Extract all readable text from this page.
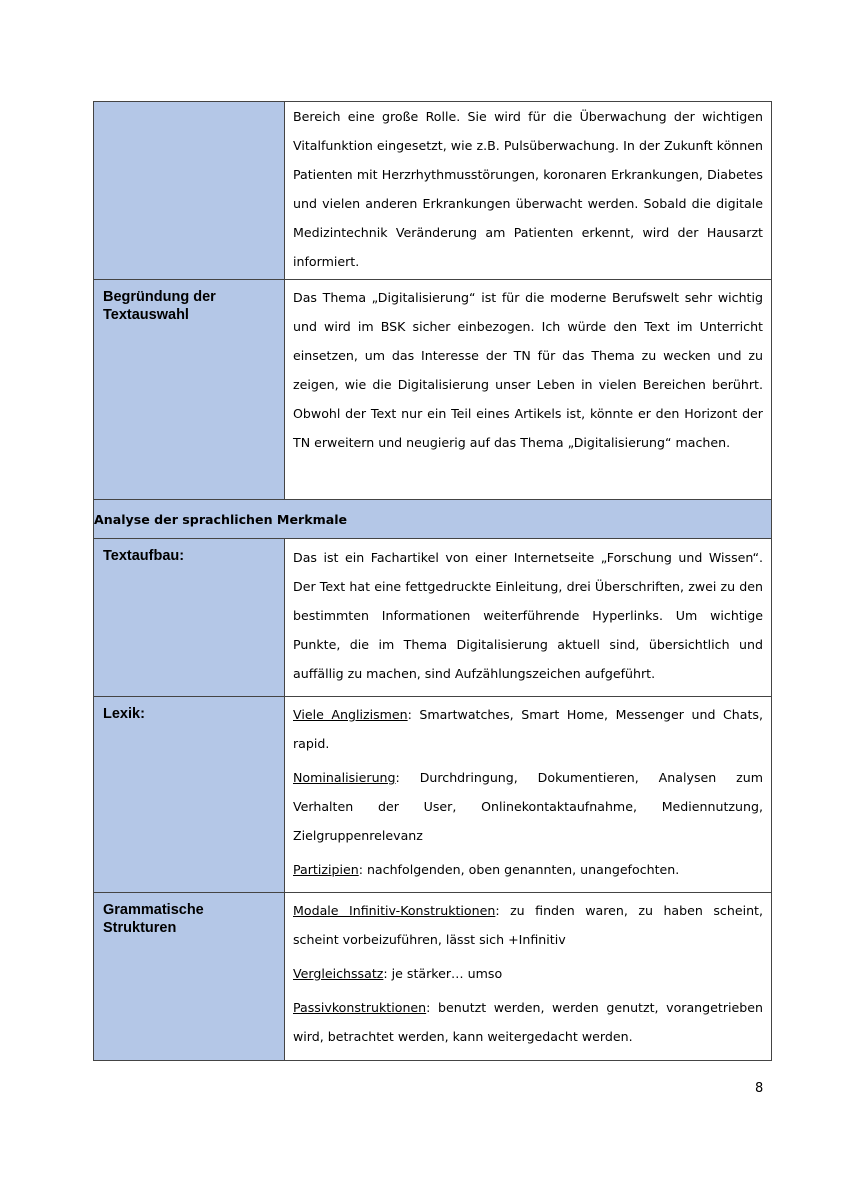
	Bereich eine große Rolle. Sie wird für die Überwachung der wichtigen Vitalfunktion eingesetzt, wie z.B. Pulsüberwachung. In der Zukunft können Patienten mit Herzrhythmusstörungen, koronaren Erkrankungen, Diabetes und vielen anderen Erkrankungen überwacht werden. Sobald die digitale Medizintechnik Veränderung am Patienten erkennt, wird der Hausarzt informiert.

Begründung der Textauswahl	Das Thema „Digitalisierung“ ist für die moderne Berufswelt sehr wichtig und wird im BSK sicher einbezogen. Ich würde den Text im Unterricht einsetzen, um das Interesse der TN für das Thema zu wecken und zu zeigen, wie die Digitalisierung unser Leben in vielen Bereichen berührt. Obwohl der Text nur ein Teil eines Artikels ist, könnte er den Horizont der TN erweitern und neugierig auf das Thema „Digitalisierung“ machen.

Analyse der sprachlichen Merkmale	

Textaufbau:	Das ist ein Fachartikel von einer Internetseite „Forschung und Wissen“. Der Text hat eine fettgedruckte Einleitung, drei Überschriften, zwei zu den bestimmten Informationen weiterführende Hyperlinks. Um wichtige Punkte, die im Thema Digitalisierung aktuell sind, übersichtlich und auffällig zu machen, sind Aufzählungszeichen aufgeführt.

Lexik:	Viele Anglizismen: Smartwatches, Smart Home, Messenger und Chats, rapid.

Nominalisierung: Durchdringung, Dokumentieren, Analysen zum Verhalten der User, Onlinekontaktaufnahme, Mediennutzung, Zielgruppenrelevanz

Partizipien: nachfolgenden, oben genannten, unangefochten.

Grammatische Strukturen	Modale Infinitiv-Konstruktionen: zu finden waren, zu haben scheint, scheint vorbeizuführen, lässt sich +Infinitiv

Vergleichssatz: je stärker… umso

Passivkonstruktionen: benutzt werden, werden genutzt, vorangetrieben wird, betrachtet werden, kann weitergedacht werden.

8
